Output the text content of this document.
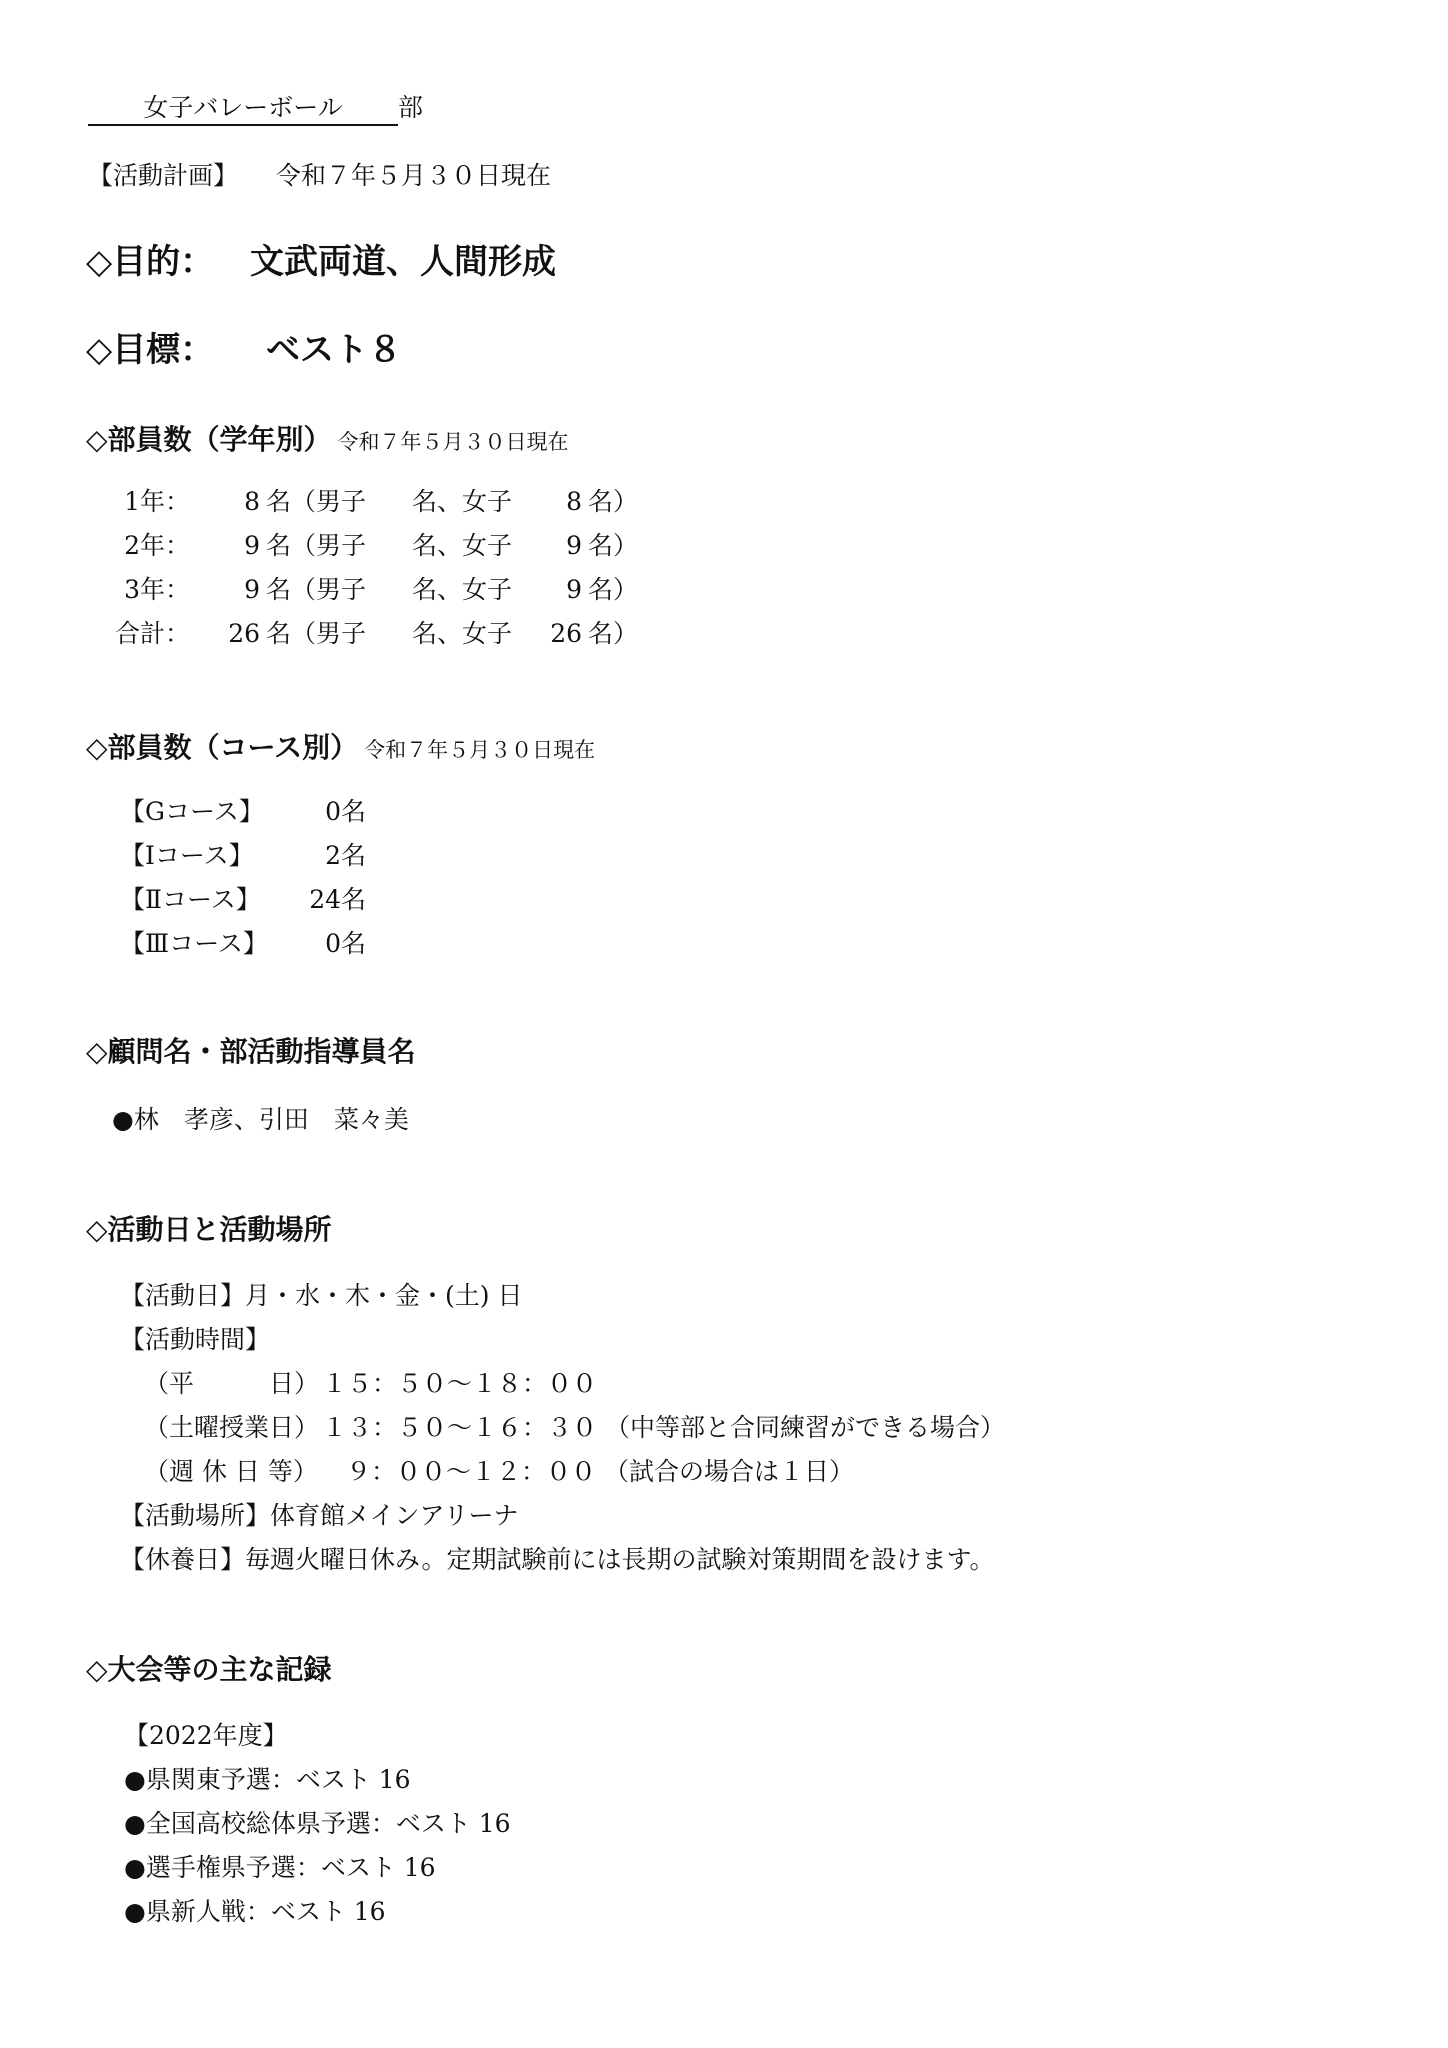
女子バレーボール 部
【活動計画】 令和７年５月３０日現在
◇目的： 文武両道、人間形成
◇目標： ベスト８
◇部員数（学年別） 令和７年５月３０日現在
1年：	8 名（男子	名、女子	8 名）
2年：	9 名（男子	名、女子	9 名）
3年：	9 名（男子	名、女子	9 名）
合計：	26 名（男子	名、女子	26 名）
◇部員数（コース別） 令和７年５月３０日現在
【Gコース】	0名
【Ⅰコース】	2名
【Ⅱコース】	24名
【Ⅲコース】	0名
◇顧問名・部活動指導員名
●林　孝彦、引田　菜々美
◇活動日と活動場所
【活動日】月・水・木・金・(土) 日
【活動時間】
（平　　　日） １５：５０～１８：００
（土曜授業日） １３：５０～１６：３０ （中等部と合同練習ができる場合）
（週 休 日 等） ９：００～１２：００ （試合の場合は１日）
【活動場所】体育館メインアリーナ
【休養日】毎週火曜日休み。定期試験前には長期の試験対策期間を設けます。
◇大会等の主な記録
【2022年度】
●県関東予選：ベスト 16
●全国高校総体県予選：ベスト 16
●選手権県予選：ベスト 16
●県新人戦：ベスト 16
